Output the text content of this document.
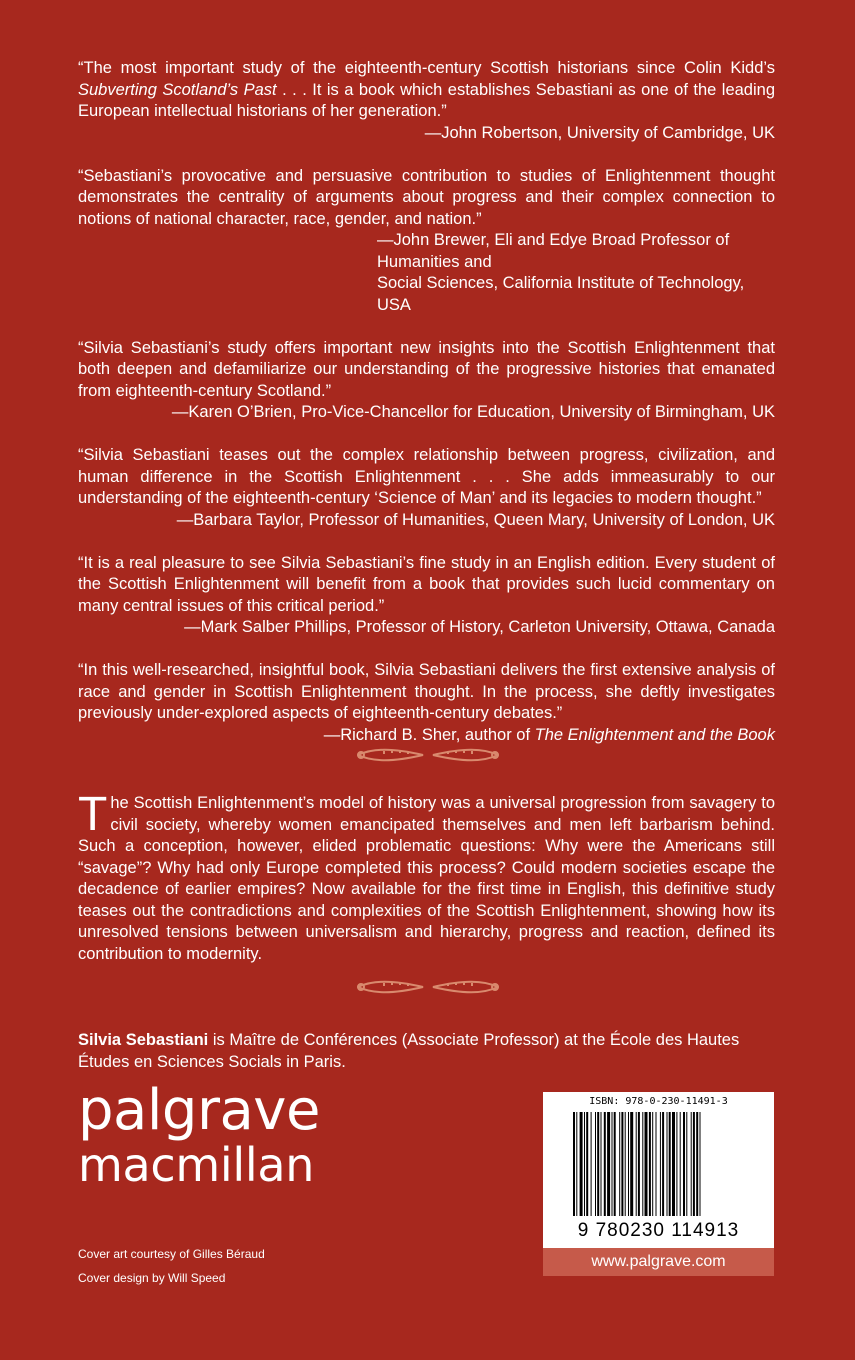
“The most important study of the eighteenth-century Scottish historians since Colin Kidd’s Subverting Scotland’s Past . . . It is a book which establishes Sebastiani as one of the leading European intellectual historians of her generation.”

—John Robertson, University of Cambridge, UK

“Sebastiani’s provocative and persuasive contribution to studies of Enlightenment thought demonstrates the centrality of arguments about progress and their complex connection to notions of national character, race, gender, and nation.”

—John Brewer, Eli and Edye Broad Professor of Humanities and
Social Sciences, California Institute of Technology, USA

“Silvia Sebastiani’s study offers important new insights into the Scottish Enlightenment that both deepen and defamiliarize our understanding of the progressive histories that emanated from eighteenth-century Scotland.”

—Karen O’Brien, Pro-Vice-Chancellor for Education, University of Birmingham, UK

“Silvia Sebastiani teases out the complex relationship between progress, civilization, and human difference in the Scottish Enlightenment . . . She adds immeasurably to our understanding of the eighteenth-century ‘Science of Man’ and its legacies to modern thought.”

—Barbara Taylor, Professor of Humanities, Queen Mary, University of London, UK

“It is a real pleasure to see Silvia Sebastiani’s fine study in an English edition. Every student of the Scottish Enlightenment will benefit from a book that provides such lucid commentary on many central issues of this critical period.”

—Mark Salber Phillips, Professor of History, Carleton University, Ottawa, Canada

“In this well-researched, insightful book, Silvia Sebastiani delivers the first extensive analysis of race and gender in Scottish Enlightenment thought. In the process, she deftly investigates previously under-explored aspects of eighteenth-century debates.”

—Richard B. Sher, author of The Enlightenment and the Book

The Scottish Enlightenment’s model of history was a universal progression from savagery to civil society, whereby women emancipated themselves and men left barbarism behind. Such a conception, however, elided problematic questions: Why were the Americans still “savage”? Why had only Europe completed this process? Could modern societies escape the decadence of earlier empires? Now available for the first time in English, this definitive study teases out the contradictions and complexities of the Scottish Enlightenment, showing how its unresolved tensions between universalism and hierarchy, progress and reaction, defined its contribution to modernity.
Silvia Sebastiani is Maître de Conférences (Associate Professor) at the École des Hautes Études en Sciences Socials in Paris.
palgrave
macmillan
Cover art courtesy of Gilles Béraud
Cover design by Will Speed
ISBN: 978-0-230-11491-3
9 780230 114913
www.palgrave.com
